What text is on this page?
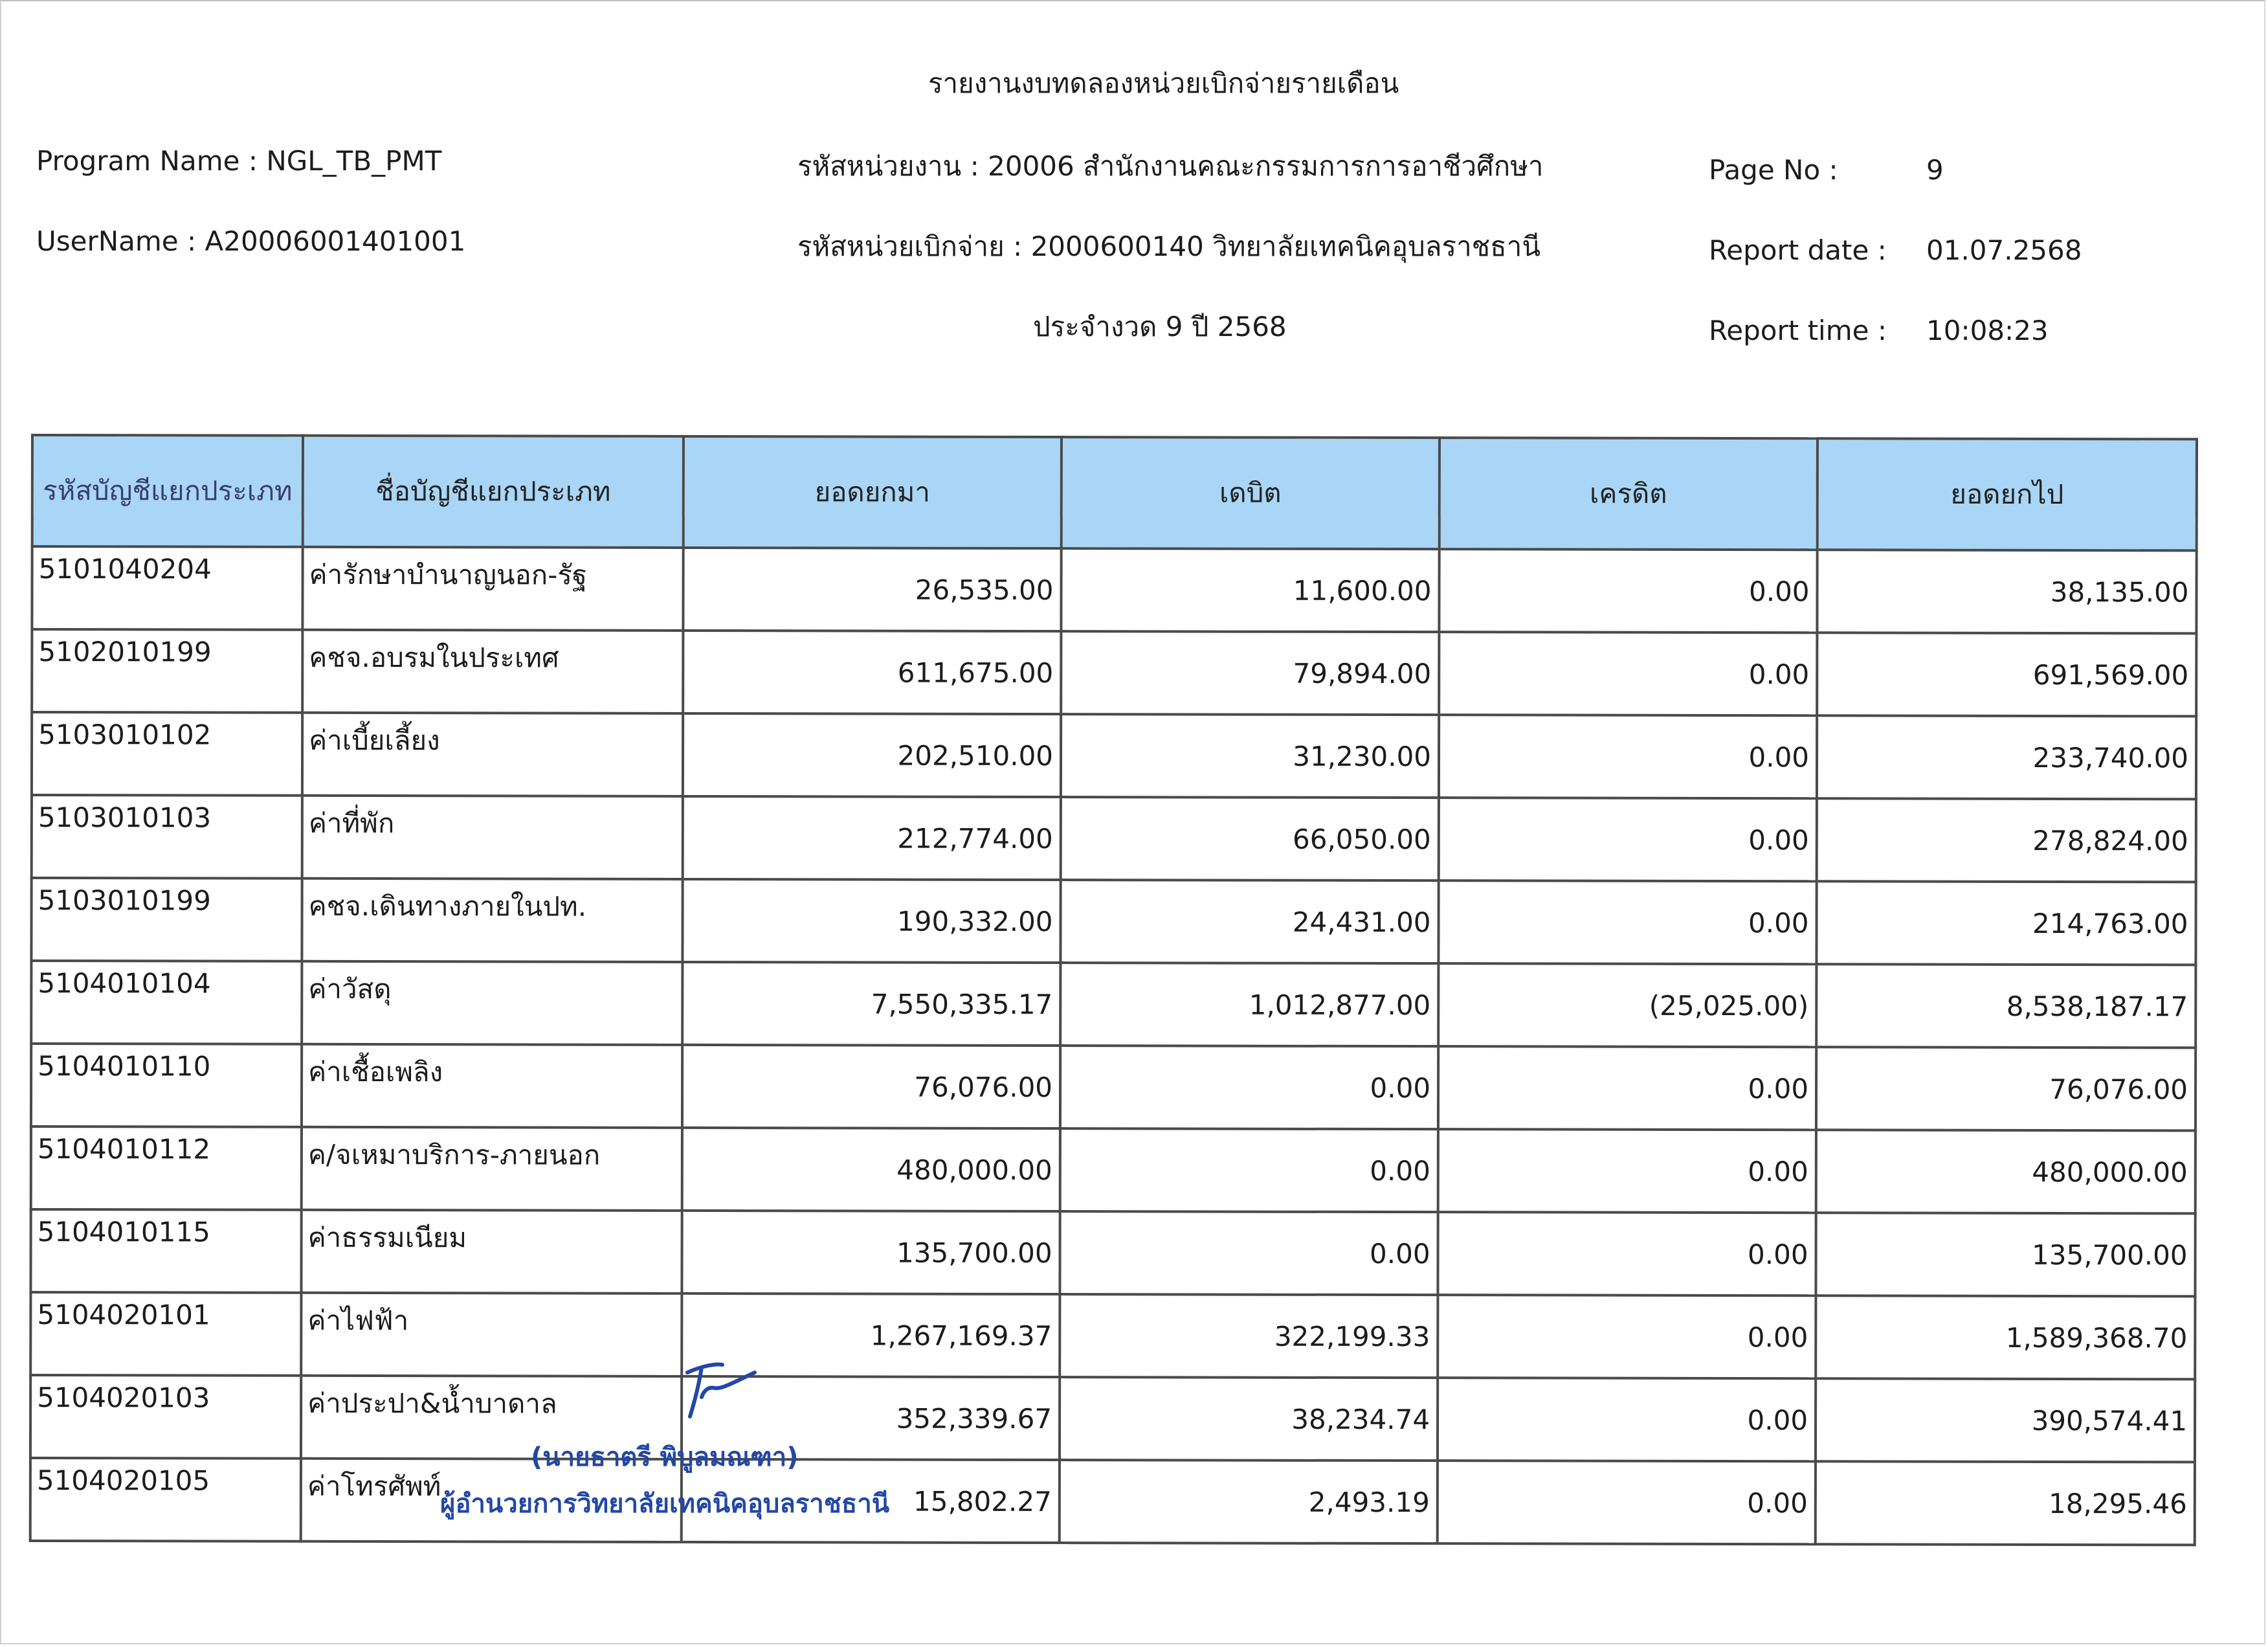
รายงานงบทดลองหน่วยเบิกจ่ายรายเดือน
Program Name : NGL_TB_PMT
UserName : A20006001401001
รหัสหน่วยงาน : 20006 สำนักงานคณะกรรมการการอาชีวศึกษา
รหัสหน่วยเบิกจ่าย : 2000600140 วิทยาลัยเทคนิคอุบลราชธานี
ประจำงวด 9 ปี 2568
Page No :	9
Report date : 01.07.2568
Report time : 10:08:23
รหัสบัญชีแยกประเภท	ชื่อบัญชีแยกประเภท	ยอดยกมา	เดบิต	เครดิต	ยอดยกไป
5101040204	ค่ารักษาบำนาญนอก-รัฐ	26,535.00	11,600.00	0.00	38,135.00
5102010199	คชจ.อบรมในประเทศ	611,675.00	79,894.00	0.00	691,569.00
5103010102	ค่าเบี้ยเลี้ยง	202,510.00	31,230.00	0.00	233,740.00
5103010103	ค่าที่พัก	212,774.00	66,050.00	0.00	278,824.00
5103010199	คชจ.เดินทางภายในปท.	190,332.00	24,431.00	0.00	214,763.00
5104010104	ค่าวัสดุ	7,550,335.17	1,012,877.00	(25,025.00)	8,538,187.17
5104010110	ค่าเชื้อเพลิง	76,076.00	0.00	0.00	76,076.00
5104010112	ค/จเหมาบริการ-ภายนอก	480,000.00	0.00	0.00	480,000.00
5104010115	ค่าธรรมเนียม	135,700.00	0.00	0.00	135,700.00
5104020101	ค่าไฟฟ้า	1,267,169.37	322,199.33	0.00	1,589,368.70
5104020103	ค่าประปา&น้ำบาดาล	352,339.67	38,234.74	0.00	390,574.41
5104020105	ค่าโทรศัพท์	15,802.27	2,493.19	0.00	18,295.46
(นายธาตรี พิบูลมณฑา)
ผู้อำนวยการวิทยาลัยเทคนิคอุบลราชธานี
